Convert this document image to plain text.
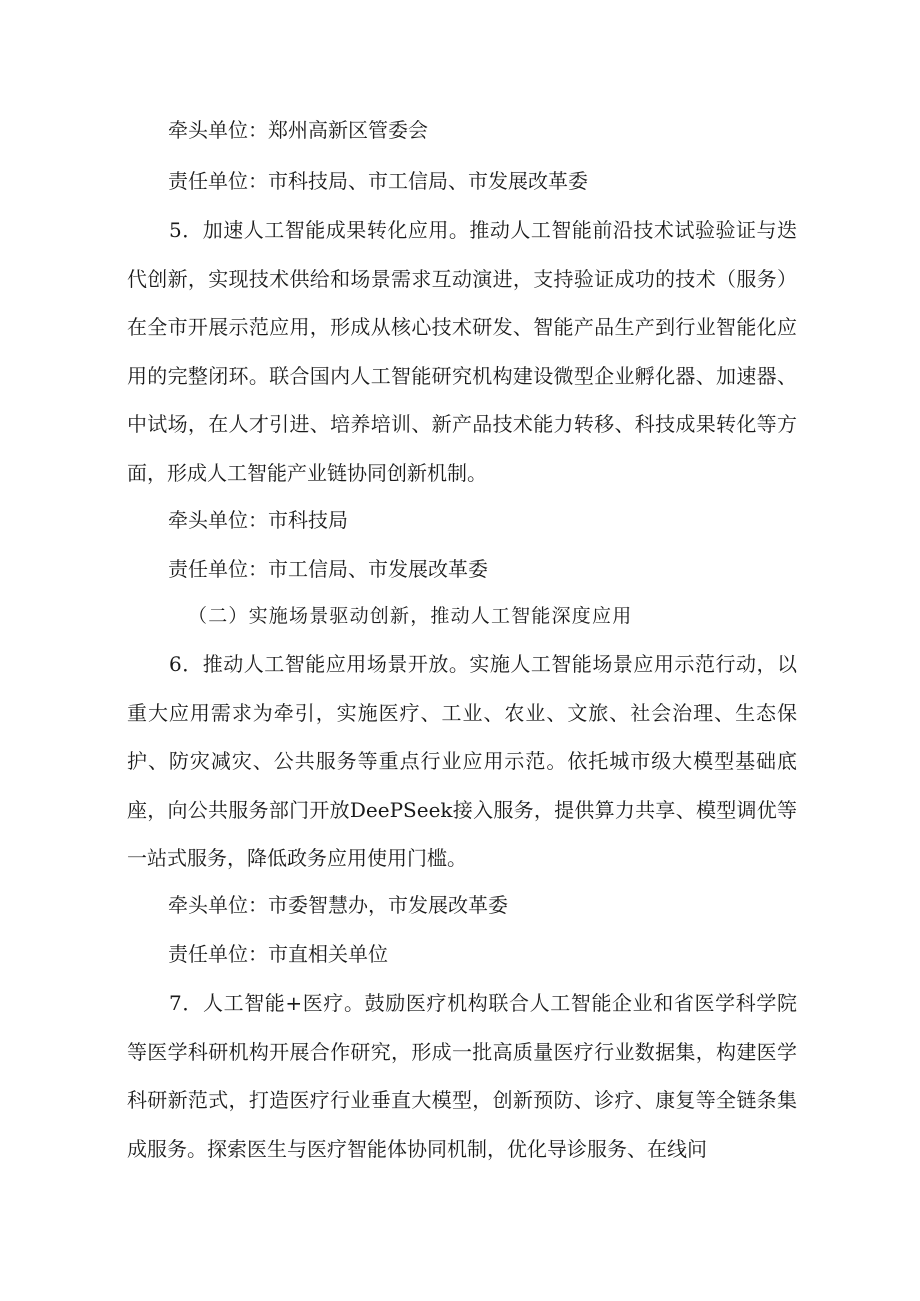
牵头单位：郑州高新区管委会
责任单位：市科技局、市工信局、市发展改革委

5．加速人工智能成果转化应用。推动人工智能前沿技术试验验证与迭代创新，实现技术供给和场景需求互动演进，支持验证成功的技术（服务）在全市开展示范应用，形成从核心技术研发、智能产品生产到行业智能化应用的完整闭环。联合国内人工智能研究机构建设微型企业孵化器、加速器、中试场，在人才引进、培养培训、新产品技术能力转移、科技成果转化等方面，形成人工智能产业链协同创新机制。

牵头单位：市科技局
责任单位：市工信局、市发展改革委
（二）实施场景驱动创新，推动人工智能深度应用

6．推动人工智能应用场景开放。实施人工智能场景应用示范行动，以重大应用需求为牵引，实施医疗、工业、农业、文旅、社会治理、生态保护、防灾减灾、公共服务等重点行业应用示范。依托城市级大模型基础底座，向公共服务部门开放DeePSeek接入服务，提供算力共享、模型调优等一站式服务，降低政务应用使用门槛。

牵头单位：市委智慧办，市发展改革委
责任单位：市直相关单位

7．人工智能+医疗。鼓励医疗机构联合人工智能企业和省医学科学院等医学科研机构开展合作研究，形成一批高质量医疗行业数据集，构建医学科研新范式，打造医疗行业垂直大模型，创新预防、诊疗、康复等全链条集成服务。探索医生与医疗智能体协同机制，优化导诊服务、在线问
